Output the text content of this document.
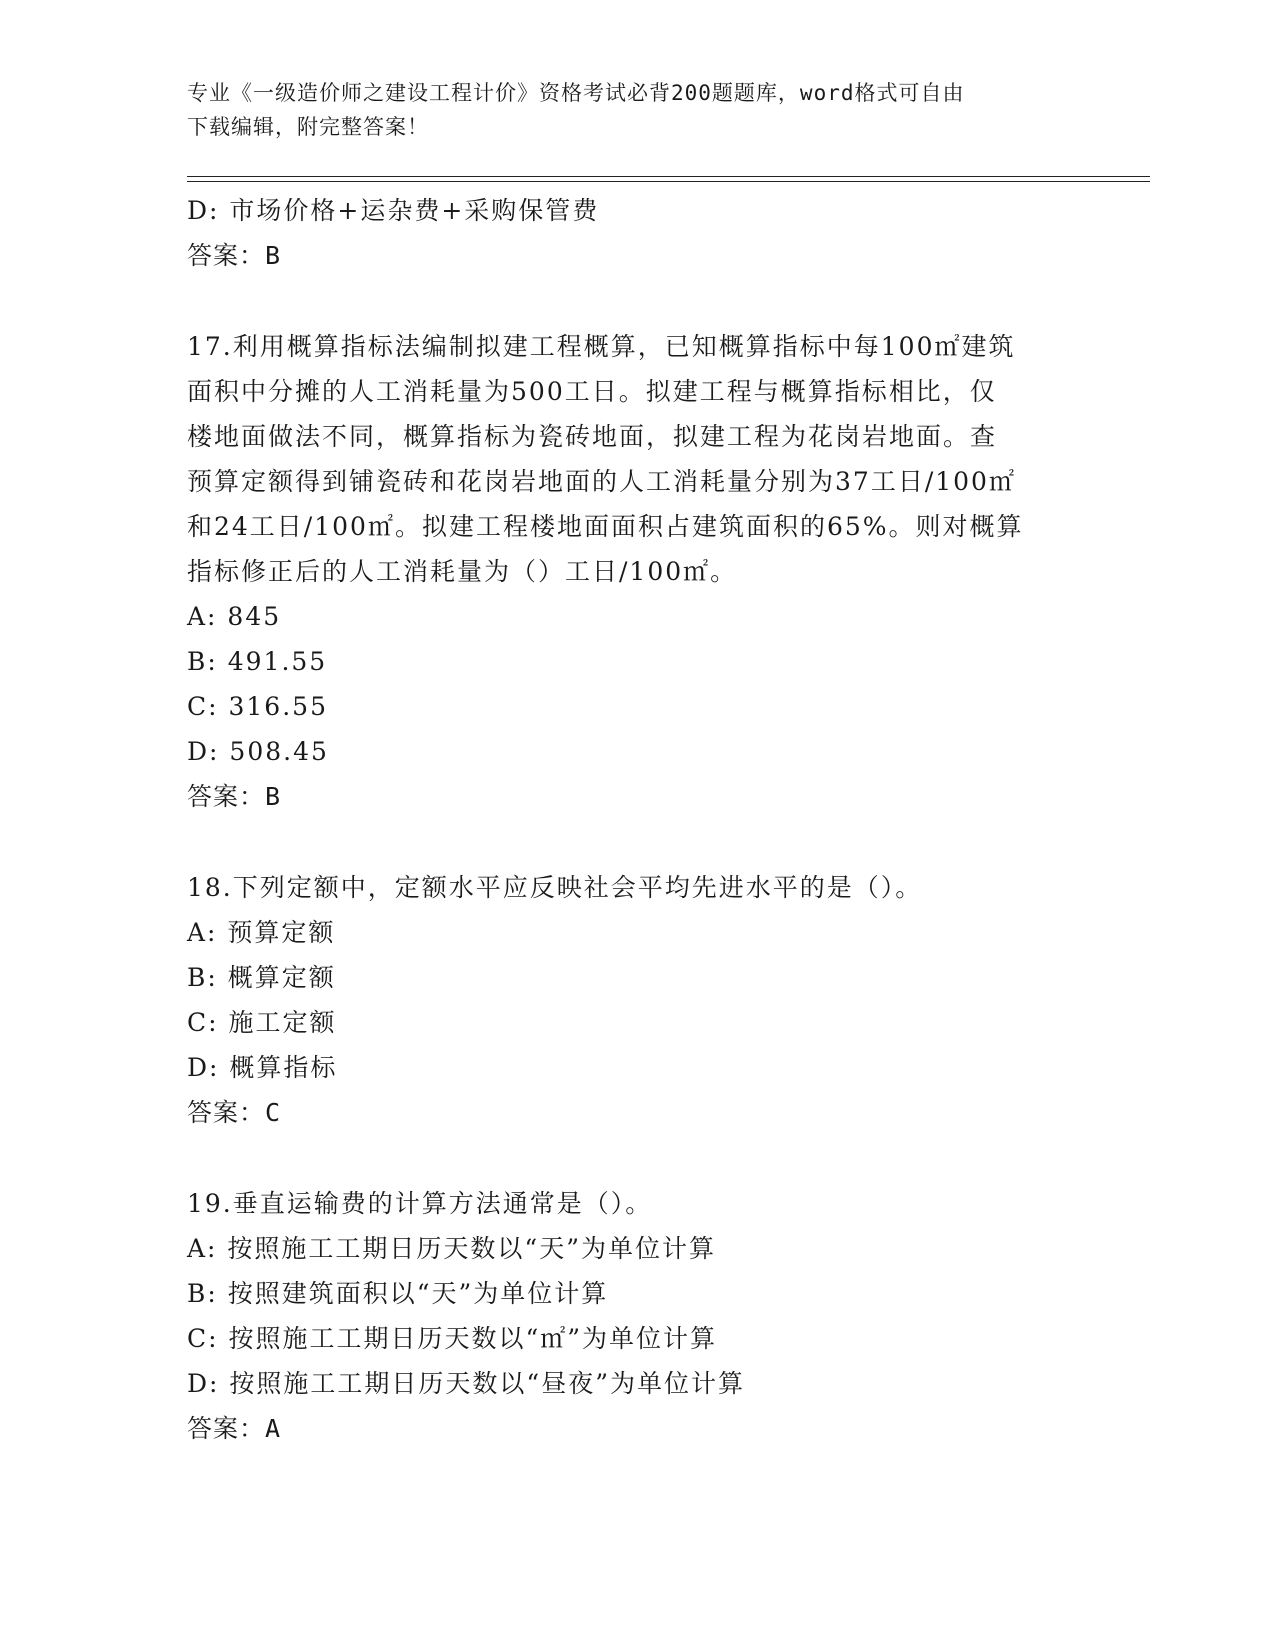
专业《一级造价师之建设工程计价》资格考试必背200题题库，word格式可自由
下载编辑，附完整答案！
D: 市场价格+运杂费+采购保管费
答案：B
17.利用概算指标法编制拟建工程概算，已知概算指标中每100㎡建筑
面积中分摊的人工消耗量为500工日。拟建工程与概算指标相比，仅
楼地面做法不同，概算指标为瓷砖地面，拟建工程为花岗岩地面。查
预算定额得到铺瓷砖和花岗岩地面的人工消耗量分别为37工日/100㎡
和24工日/100㎡。拟建工程楼地面面积占建筑面积的65%。则对概算
指标修正后的人工消耗量为（）工日/100㎡。
A: 845
B: 491.55
C: 316.55
D: 508.45
答案：B
18.下列定额中，定额水平应反映社会平均先进水平的是（）。
A: 预算定额
B: 概算定额
C: 施工定额
D: 概算指标
答案：C
19.垂直运输费的计算方法通常是（）。
A: 按照施工工期日历天数以“天”为单位计算
B: 按照建筑面积以“天”为单位计算
C: 按照施工工期日历天数以“㎡”为单位计算
D: 按照施工工期日历天数以“昼夜”为单位计算
答案：A
